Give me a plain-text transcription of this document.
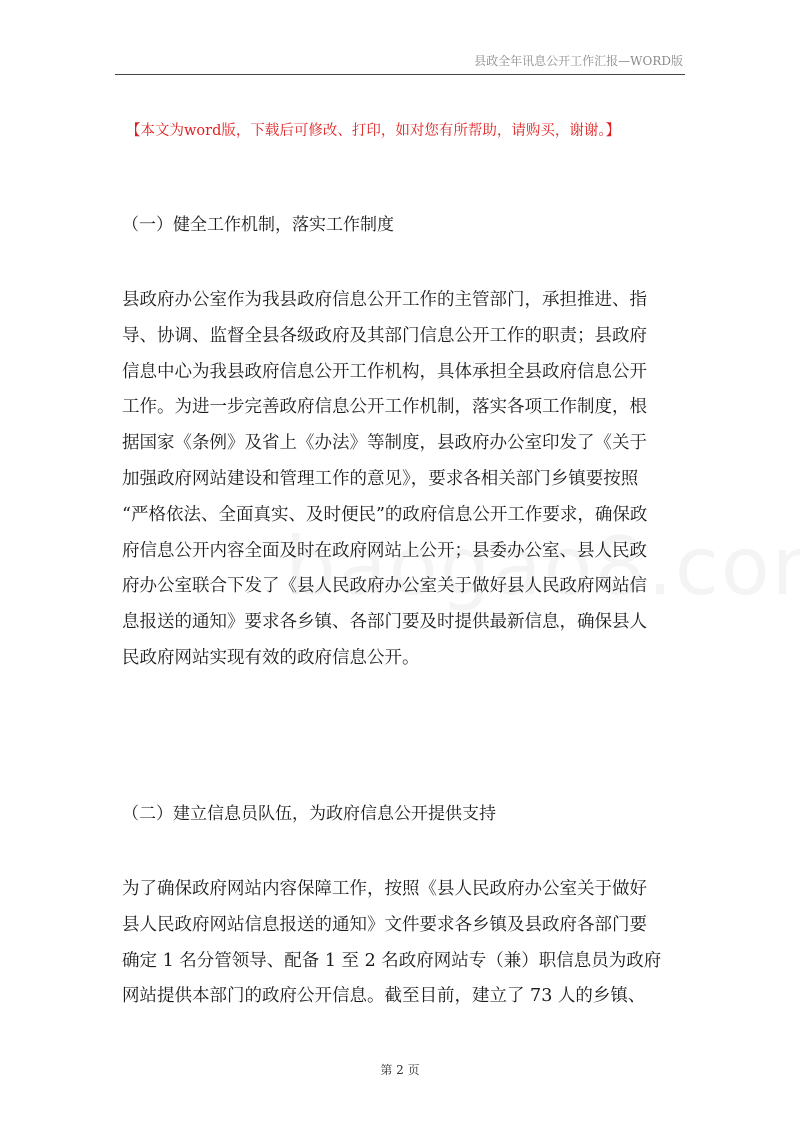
县政全年讯息公开工作汇报—WORD版
【本文为word版，下载后可修改、打印，如对您有所帮助，请购买，谢谢。】
（一）健全工作机制，落实工作制度
县政府办公室作为我县政府信息公开工作的主管部门，承担推进、指
导、协调、监督全县各级政府及其部门信息公开工作的职责；县政府
信息中心为我县政府信息公开工作机构，具体承担全县政府信息公开
工作。为进一步完善政府信息公开工作机制，落实各项工作制度，根
据国家《条例》及省上《办法》等制度，县政府办公室印发了《关于
加强政府网站建设和管理工作的意见》，要求各相关部门乡镇要按照
“严格依法、全面真实、及时便民”的政府信息公开工作要求，确保政
府信息公开内容全面及时在政府网站上公开；县委办公室、县人民政
府办公室联合下发了《县人民政府办公室关于做好县人民政府网站信
息报送的通知》要求各乡镇、各部门要及时提供最新信息，确保县人
民政府网站实现有效的政府信息公开。
（二）建立信息员队伍，为政府信息公开提供支持
为了确保政府网站内容保障工作，按照《县人民政府办公室关于做好
县人民政府网站信息报送的通知》文件要求各乡镇及县政府各部门要
确定 1 名分管领导、配备 1 至 2 名政府网站专（兼）职信息员为政府
网站提供本部门的政府公开信息。截至目前，建立了 73 人的乡镇、
第 2 页
